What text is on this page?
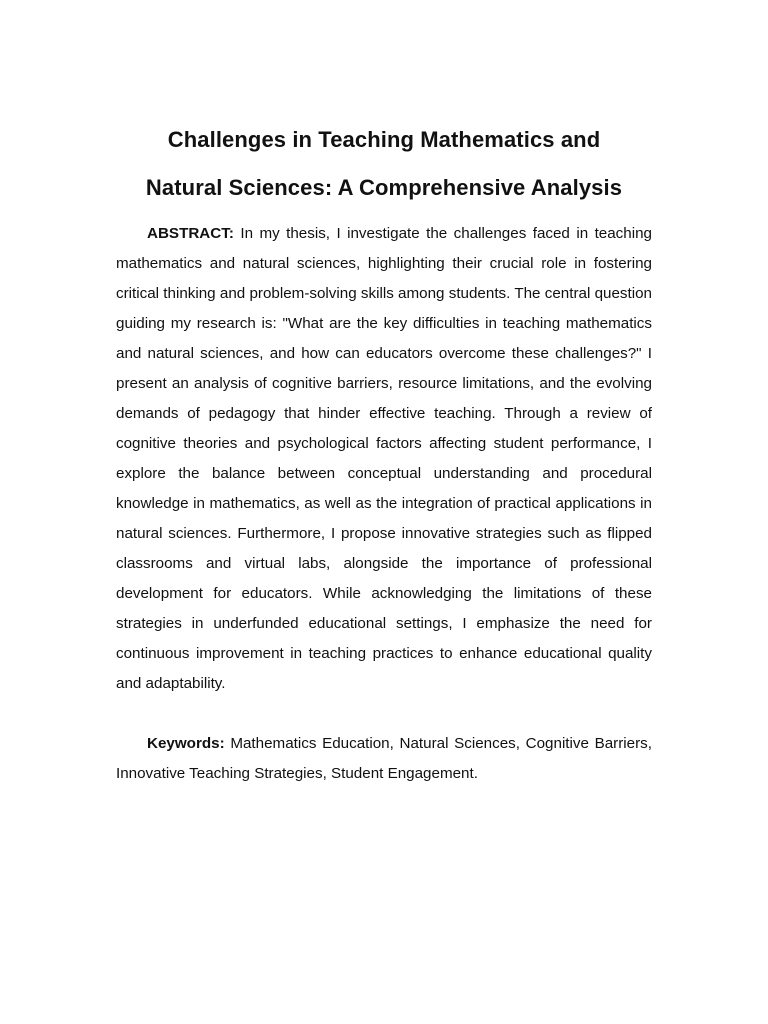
Challenges in Teaching Mathematics and
Natural Sciences: A Comprehensive Analysis

ABSTRACT: In my thesis, I investigate the challenges faced in teaching mathematics and natural sciences, highlighting their crucial role in fostering critical thinking and problem-solving skills among students. The central question guiding my research is: "What are the key difficulties in teaching mathematics and natural sciences, and how can educators overcome these challenges?" I present an analysis of cognitive barriers, resource limitations, and the evolving demands of pedagogy that hinder effective teaching. Through a review of cognitive theories and psychological factors affecting student performance, I explore the balance between conceptual understanding and procedural knowledge in mathematics, as well as the integration of practical applications in natural sciences. Furthermore, I propose innovative strategies such as flipped classrooms and virtual labs, alongside the importance of professional development for educators. While acknowledging the limitations of these strategies in underfunded educational settings, I emphasize the need for continuous improvement in teaching practices to enhance educational quality and adaptability.

Keywords: Mathematics Education, Natural Sciences, Cognitive Barriers, Innovative Teaching Strategies, Student Engagement.
